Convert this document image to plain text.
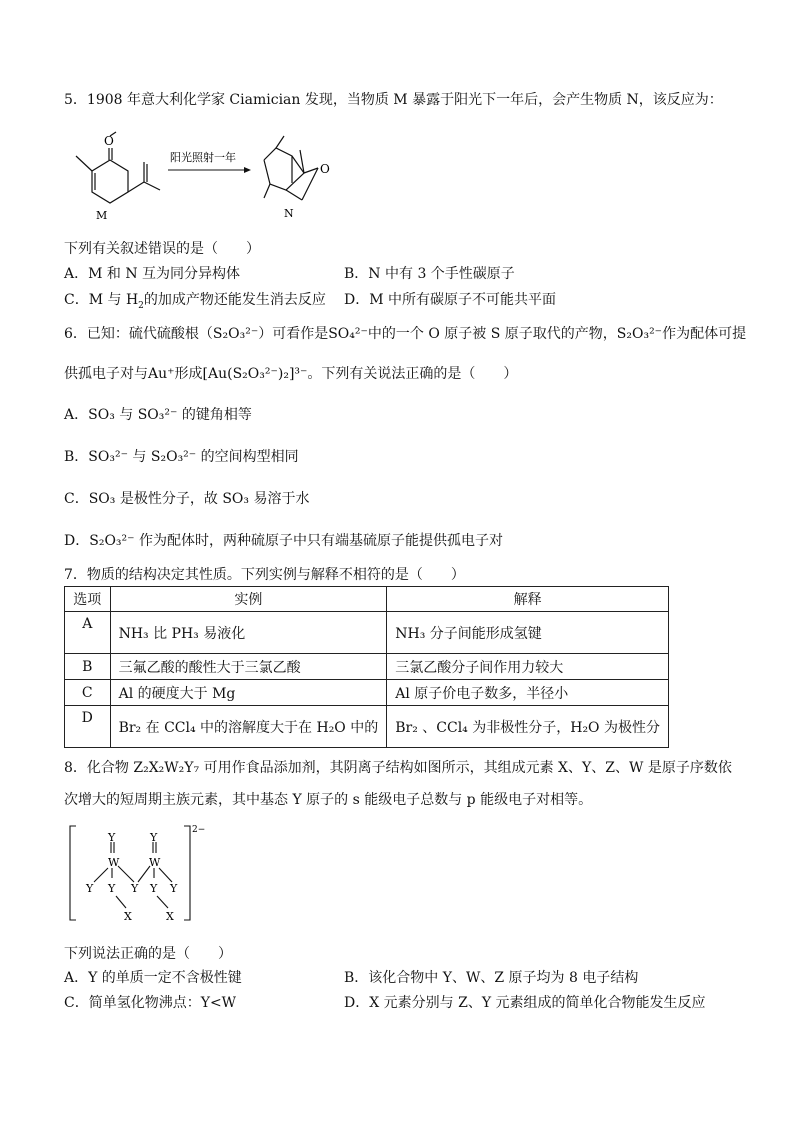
5．1908 年意大利化学家 Ciamician 发现，当物质 M 暴露于阳光下一年后，会产生物质 N，该反应为：
O
M
阳光照射一年
O
N
下列有关叙述错误的是（　　）
A．M 和 N 互为同分异构体	B．N 中有 3 个手性碳原子
C．M 与 $H_2$的加成产物还能发生消去反应 D．M 中所有碳原子不可能共平面
6．已知：硫代硫酸根（S₂O₃²⁻）可看作是SO₄²⁻中的一个 O 原子被 S 原子取代的产物，S₂O₃²⁻作为配体可提
供孤电子对与Au⁺形成[Au(S₂O₃²⁻)₂]³⁻。下列有关说法正确的是（　　）
A．SO₃ 与 SO₃²⁻ 的键角相等
B．SO₃²⁻ 与 S₂O₃²⁻ 的空间构型相同
C．SO₃ 是极性分子，故 SO₃ 易溶于水
D．S₂O₃²⁻ 作为配体时，两种硫原子中只有端基硫原子能提供孤电子对
7．物质的结构决定其性质。下列实例与解释不相符的是（　　）
选项	实例	解释
A	NH₃ 比 PH₃ 易液化	NH₃ 分子间能形成氢键
B	三氟乙酸的酸性大于三氯乙酸	三氯乙酸分子间作用力较大
C	Al 的硬度大于 Mg	Al 原子价电子数多，半径小
D	Br₂ 在 CCl₄ 中的溶解度大于在 H₂O 中的	Br₂ 、CCl₄ 为非极性分子，H₂O 为极性分
8．化合物 Z₂X₂W₂Y₇ 可用作食品添加剂，其阴离子结构如图所示，其组成元素 X、Y、Z、W 是原子序数依
次增大的短周期主族元素，其中基态 Y 原子的 s 能级电子总数与 p 能级电子对相等。
Y	Y
W	W
Y Y Y Y Y
X	X
2−
下列说法正确的是（　　）
A．Y 的单质一定不含极性键	B．该化合物中 Y、W、Z 原子均为 8 电子结构
C．简单氢化物沸点：Y<W	D．X 元素分别与 Z、Y 元素组成的简单化合物能发生反应
